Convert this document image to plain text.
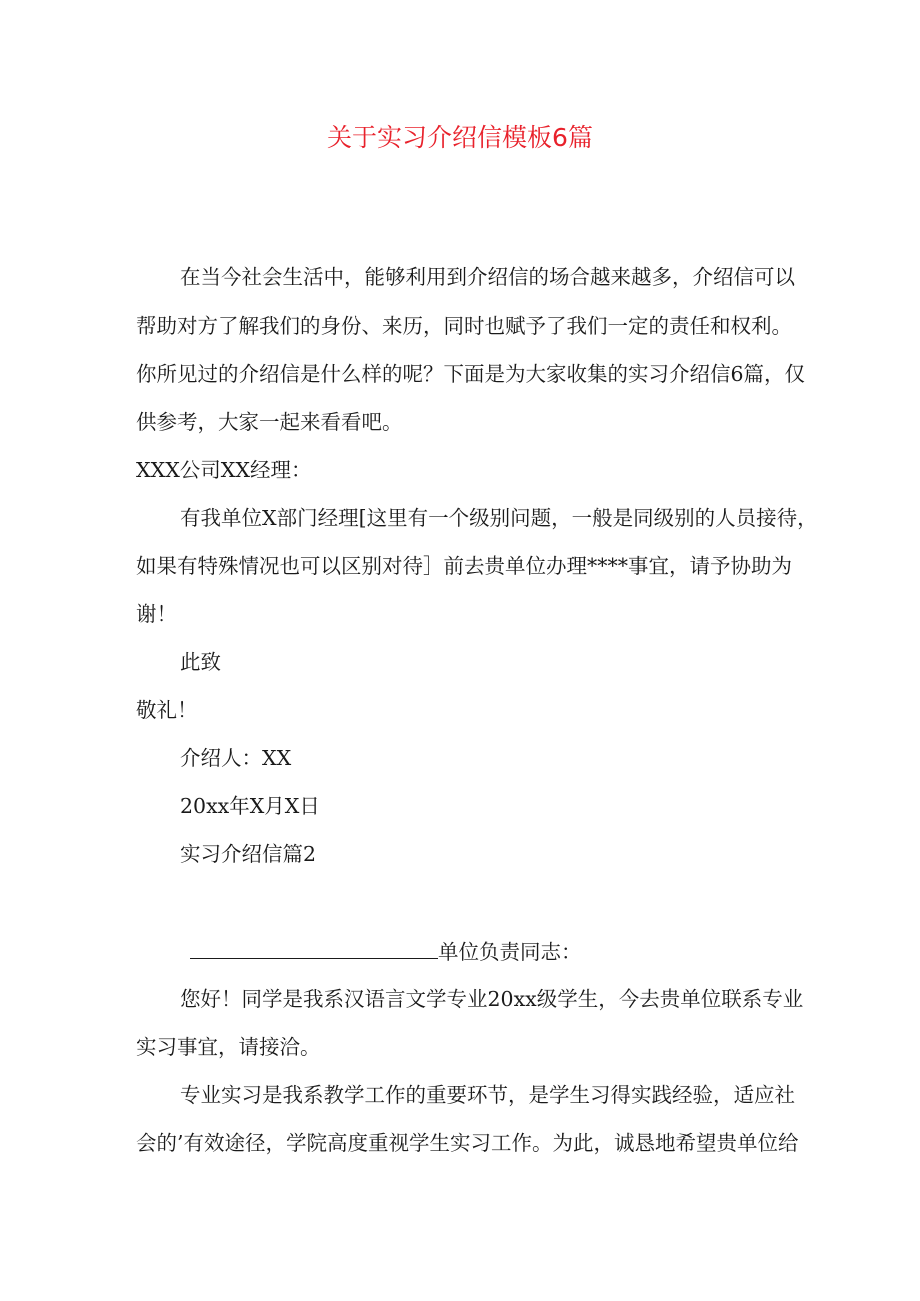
关于实习介绍信模板6篇
在当今社会生活中，能够利用到介绍信的场合越来越多，介绍信可以
帮助对方了解我们的身份、来历，同时也赋予了我们一定的责任和权利。
你所见过的介绍信是什么样的呢？下面是为大家收集的实习介绍信6篇，仅
供参考，大家一起来看看吧。
XXX公司XX经理：
有我单位X部门经理[这里有一个级别问题，一般是同级别的人员接待，
如果有特殊情况也可以区别对待］前去贵单位办理****事宜，请予协助为
谢！
此致
敬礼！
介绍人：XX
20xx年X月X日
实习介绍信篇2
单位负责同志：
您好！同学是我系汉语言文学专业20xx级学生，今去贵单位联系专业
实习事宜，请接洽。
专业实习是我系教学工作的重要环节，是学生习得实践经验，适应社
会的’有效途径，学院高度重视学生实习工作。为此，诚恳地希望贵单位给
